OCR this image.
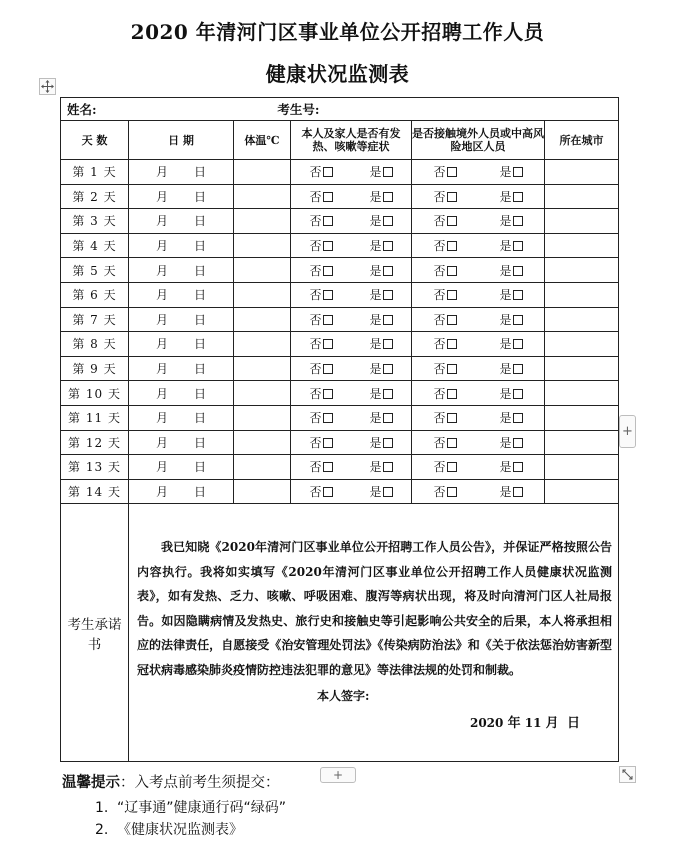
2020 年清河门区事业单位公开招聘工作人员
健康状况监测表
姓名: 考生号:					
天 数	日 期	体温℃	本人及家人是否有发热、咳嗽等症状	是否接触境外人员或中高风险地区人员	所在城市
第 1 天	月 日		否 是	否 是	

第 2 天	月 日		否 是	否 是	

第 3 天	月 日		否 是	否 是	

第 4 天	月 日		否 是	否 是	

第 5 天	月 日		否 是	否 是	

第 6 天	月 日		否 是	否 是	

第 7 天	月 日		否 是	否 是	

第 8 天	月 日		否 是	否 是	

第 9 天	月 日		否 是	否 是	

第 10 天	月 日		否 是	否 是	

第 11 天	月 日		否 是	否 是	

第 12 天	月 日		否 是	否 是	

第 13 天	月 日		否 是	否 是	

第 14 天	月 日		否 是	否 是	

考生承诺书	我已知晓《2020年清河门区事业单位公开招聘工作人员公告》，并保证严格按照公告内容执行。我将如实填写《2020年清河门区事业单位公开招聘工作人员健康状况监测表》，如有发热、乏力、咳嗽、呼吸困难、腹泻等病状出现，将及时向清河门区人社局报告。如因隐瞒病情及发热史、旅行史和接触史等引起影响公共安全的后果，本人将承担相应的法律责任，自愿接受《治安管理处罚法》《传染病防治法》和《关于依法惩治妨害新型冠状病毒感染肺炎疫情防控违法犯罪的意见》等法律法规的处罚和制裁。
本人签字:
2020 年 11 月 日				
+
+
温馨提示：入考点前考生须提交：
1. “辽事通”健康通行码“绿码”
2. 《健康状况监测表》
